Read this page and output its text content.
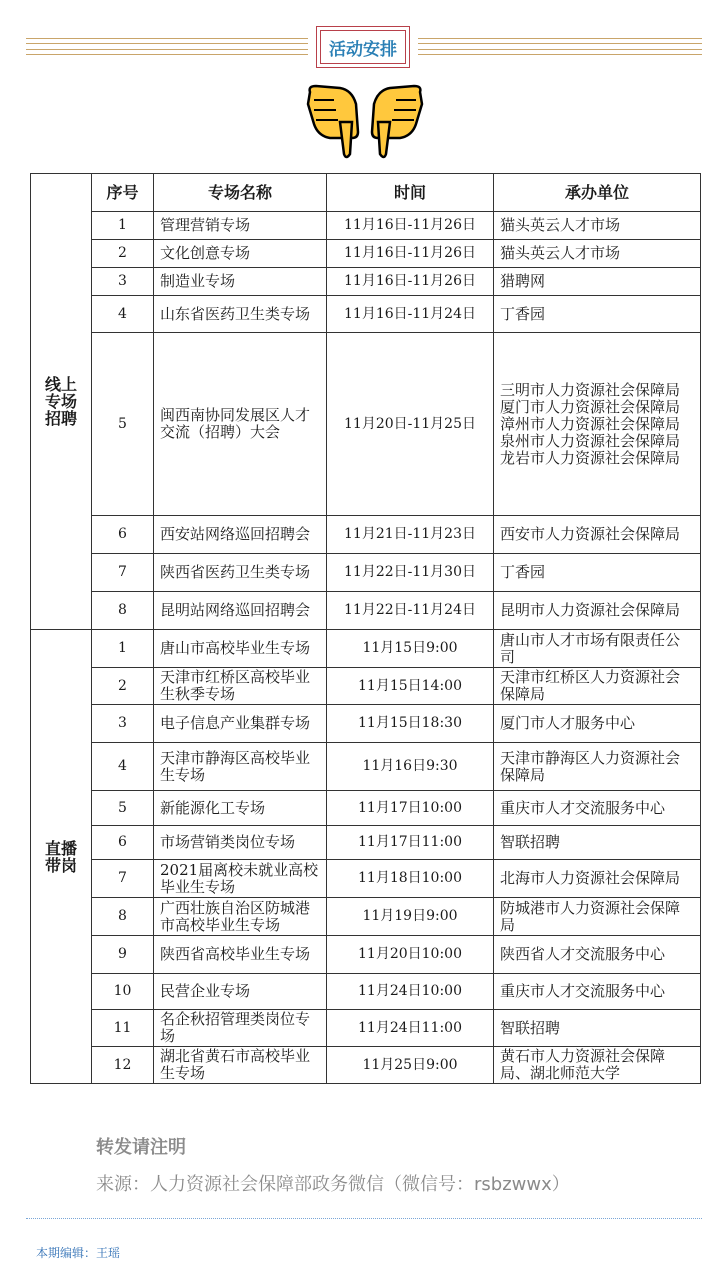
活动安排
线上
专场
招聘	序号	专场名称	时间	承办单位
	1	管理营销专场	11月16日-11月26日	猫头英云人才市场
	2	文化创意专场	11月16日-11月26日	猫头英云人才市场
	3	制造业专场	11月16日-11月26日	猎聘网
	4	山东省医药卫生类专场	11月16日-11月24日	丁香园
	5	闽西南协同发展区人才交流（招聘）大会	11月20日-11月25日	三明市人力资源社会保障局
厦门市人力资源社会保障局
漳州市人力资源社会保障局
泉州市人力资源社会保障局
龙岩市人力资源社会保障局
	6	西安站网络巡回招聘会	11月21日-11月23日	西安市人力资源社会保障局
	7	陕西省医药卫生类专场	11月22日-11月30日	丁香园
	8	昆明站网络巡回招聘会	11月22日-11月24日	昆明市人力资源社会保障局
直播
带岗	1	唐山市高校毕业生专场	11月15日9:00	唐山市人才市场有限责任公司
	2	天津市红桥区高校毕业生秋季专场	11月15日14:00	天津市红桥区人力资源社会保障局
	3	电子信息产业集群专场	11月15日18:30	厦门市人才服务中心
	4	天津市静海区高校毕业生专场	11月16日9:30	天津市静海区人力资源社会保障局
	5	新能源化工专场	11月17日10:00	重庆市人才交流服务中心
	6	市场营销类岗位专场	11月17日11:00	智联招聘
	7	2021届离校未就业高校毕业生专场	11月18日10:00	北海市人力资源社会保障局
	8	广西壮族自治区防城港市高校毕业生专场	11月19日9:00	防城港市人力资源社会保障局
	9	陕西省高校毕业生专场	11月20日10:00	陕西省人才交流服务中心
	10	民营企业专场	11月24日10:00	重庆市人才交流服务中心
	11	名企秋招管理类岗位专场	11月24日11:00	智联招聘
	12	湖北省黄石市高校毕业生专场	11月25日9:00	黄石市人力资源社会保障局、湖北师范大学
转发请注明
来源：人力资源社会保障部政务微信（微信号：rsbzwwx）
本期编辑：王瑶
